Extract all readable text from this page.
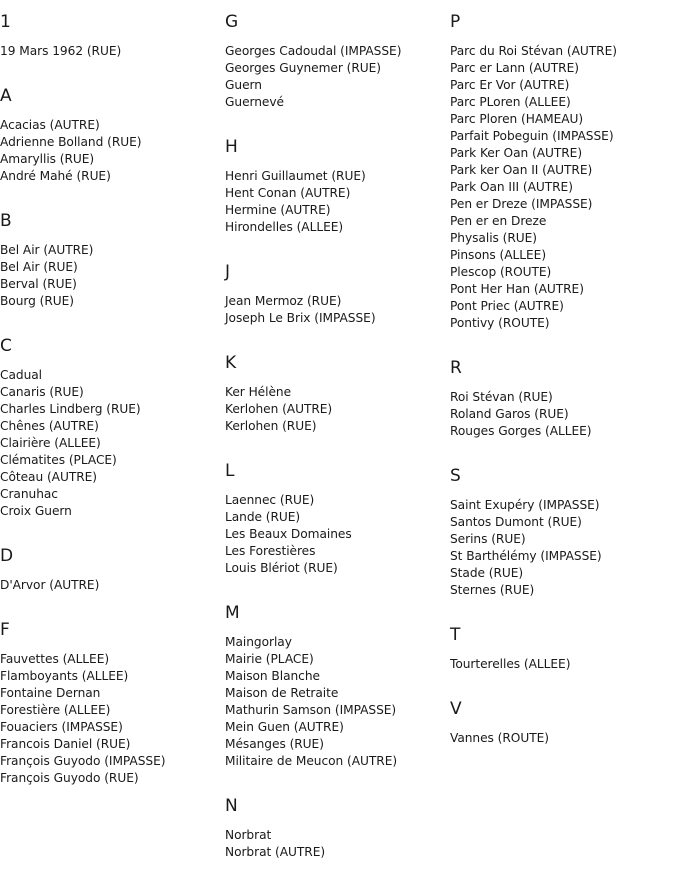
1
19 Mars 1962 (RUE)
A
Acacias (AUTRE)
Adrienne Bolland (RUE)
Amaryllis (RUE)
André Mahé (RUE)
B
Bel Air (AUTRE)
Bel Air (RUE)
Berval (RUE)
Bourg (RUE)
C
Cadual
Canaris (RUE)
Charles Lindberg (RUE)
Chênes (AUTRE)
Clairière (ALLEE)
Clématites (PLACE)
Côteau (AUTRE)
Cranuhac
Croix Guern
D
D'Arvor (AUTRE)
F
Fauvettes (ALLEE)
Flamboyants (ALLEE)
Fontaine Dernan
Forestière (ALLEE)
Fouaciers (IMPASSE)
Francois Daniel (RUE)
François Guyodo (IMPASSE)
François Guyodo (RUE)
G
Georges Cadoudal (IMPASSE)
Georges Guynemer (RUE)
Guern
Guernevé
H
Henri Guillaumet (RUE)
Hent Conan (AUTRE)
Hermine (AUTRE)
Hirondelles (ALLEE)
J
Jean Mermoz (RUE)
Joseph Le Brix (IMPASSE)
K
Ker Hélène
Kerlohen (AUTRE)
Kerlohen (RUE)
L
Laennec (RUE)
Lande (RUE)
Les Beaux Domaines
Les Forestières
Louis Blériot (RUE)
M
Maingorlay
Mairie (PLACE)
Maison Blanche
Maison de Retraite
Mathurin Samson (IMPASSE)
Mein Guen (AUTRE)
Mésanges (RUE)
Militaire de Meucon (AUTRE)
N
Norbrat
Norbrat (AUTRE)
P
Parc du Roi Stévan (AUTRE)
Parc er Lann (AUTRE)
Parc Er Vor (AUTRE)
Parc PLoren (ALLEE)
Parc Ploren (HAMEAU)
Parfait Pobeguin (IMPASSE)
Park Ker Oan (AUTRE)
Park ker Oan II (AUTRE)
Park Oan III (AUTRE)
Pen er Dreze (IMPASSE)
Pen er en Dreze
Physalis (RUE)
Pinsons (ALLEE)
Plescop (ROUTE)
Pont Her Han (AUTRE)
Pont Priec (AUTRE)
Pontivy (ROUTE)
R
Roi Stévan (RUE)
Roland Garos (RUE)
Rouges Gorges (ALLEE)
S
Saint Exupéry (IMPASSE)
Santos Dumont (RUE)
Serins (RUE)
St Barthélémy (IMPASSE)
Stade (RUE)
Sternes (RUE)
T
Tourterelles (ALLEE)
V
Vannes (ROUTE)
